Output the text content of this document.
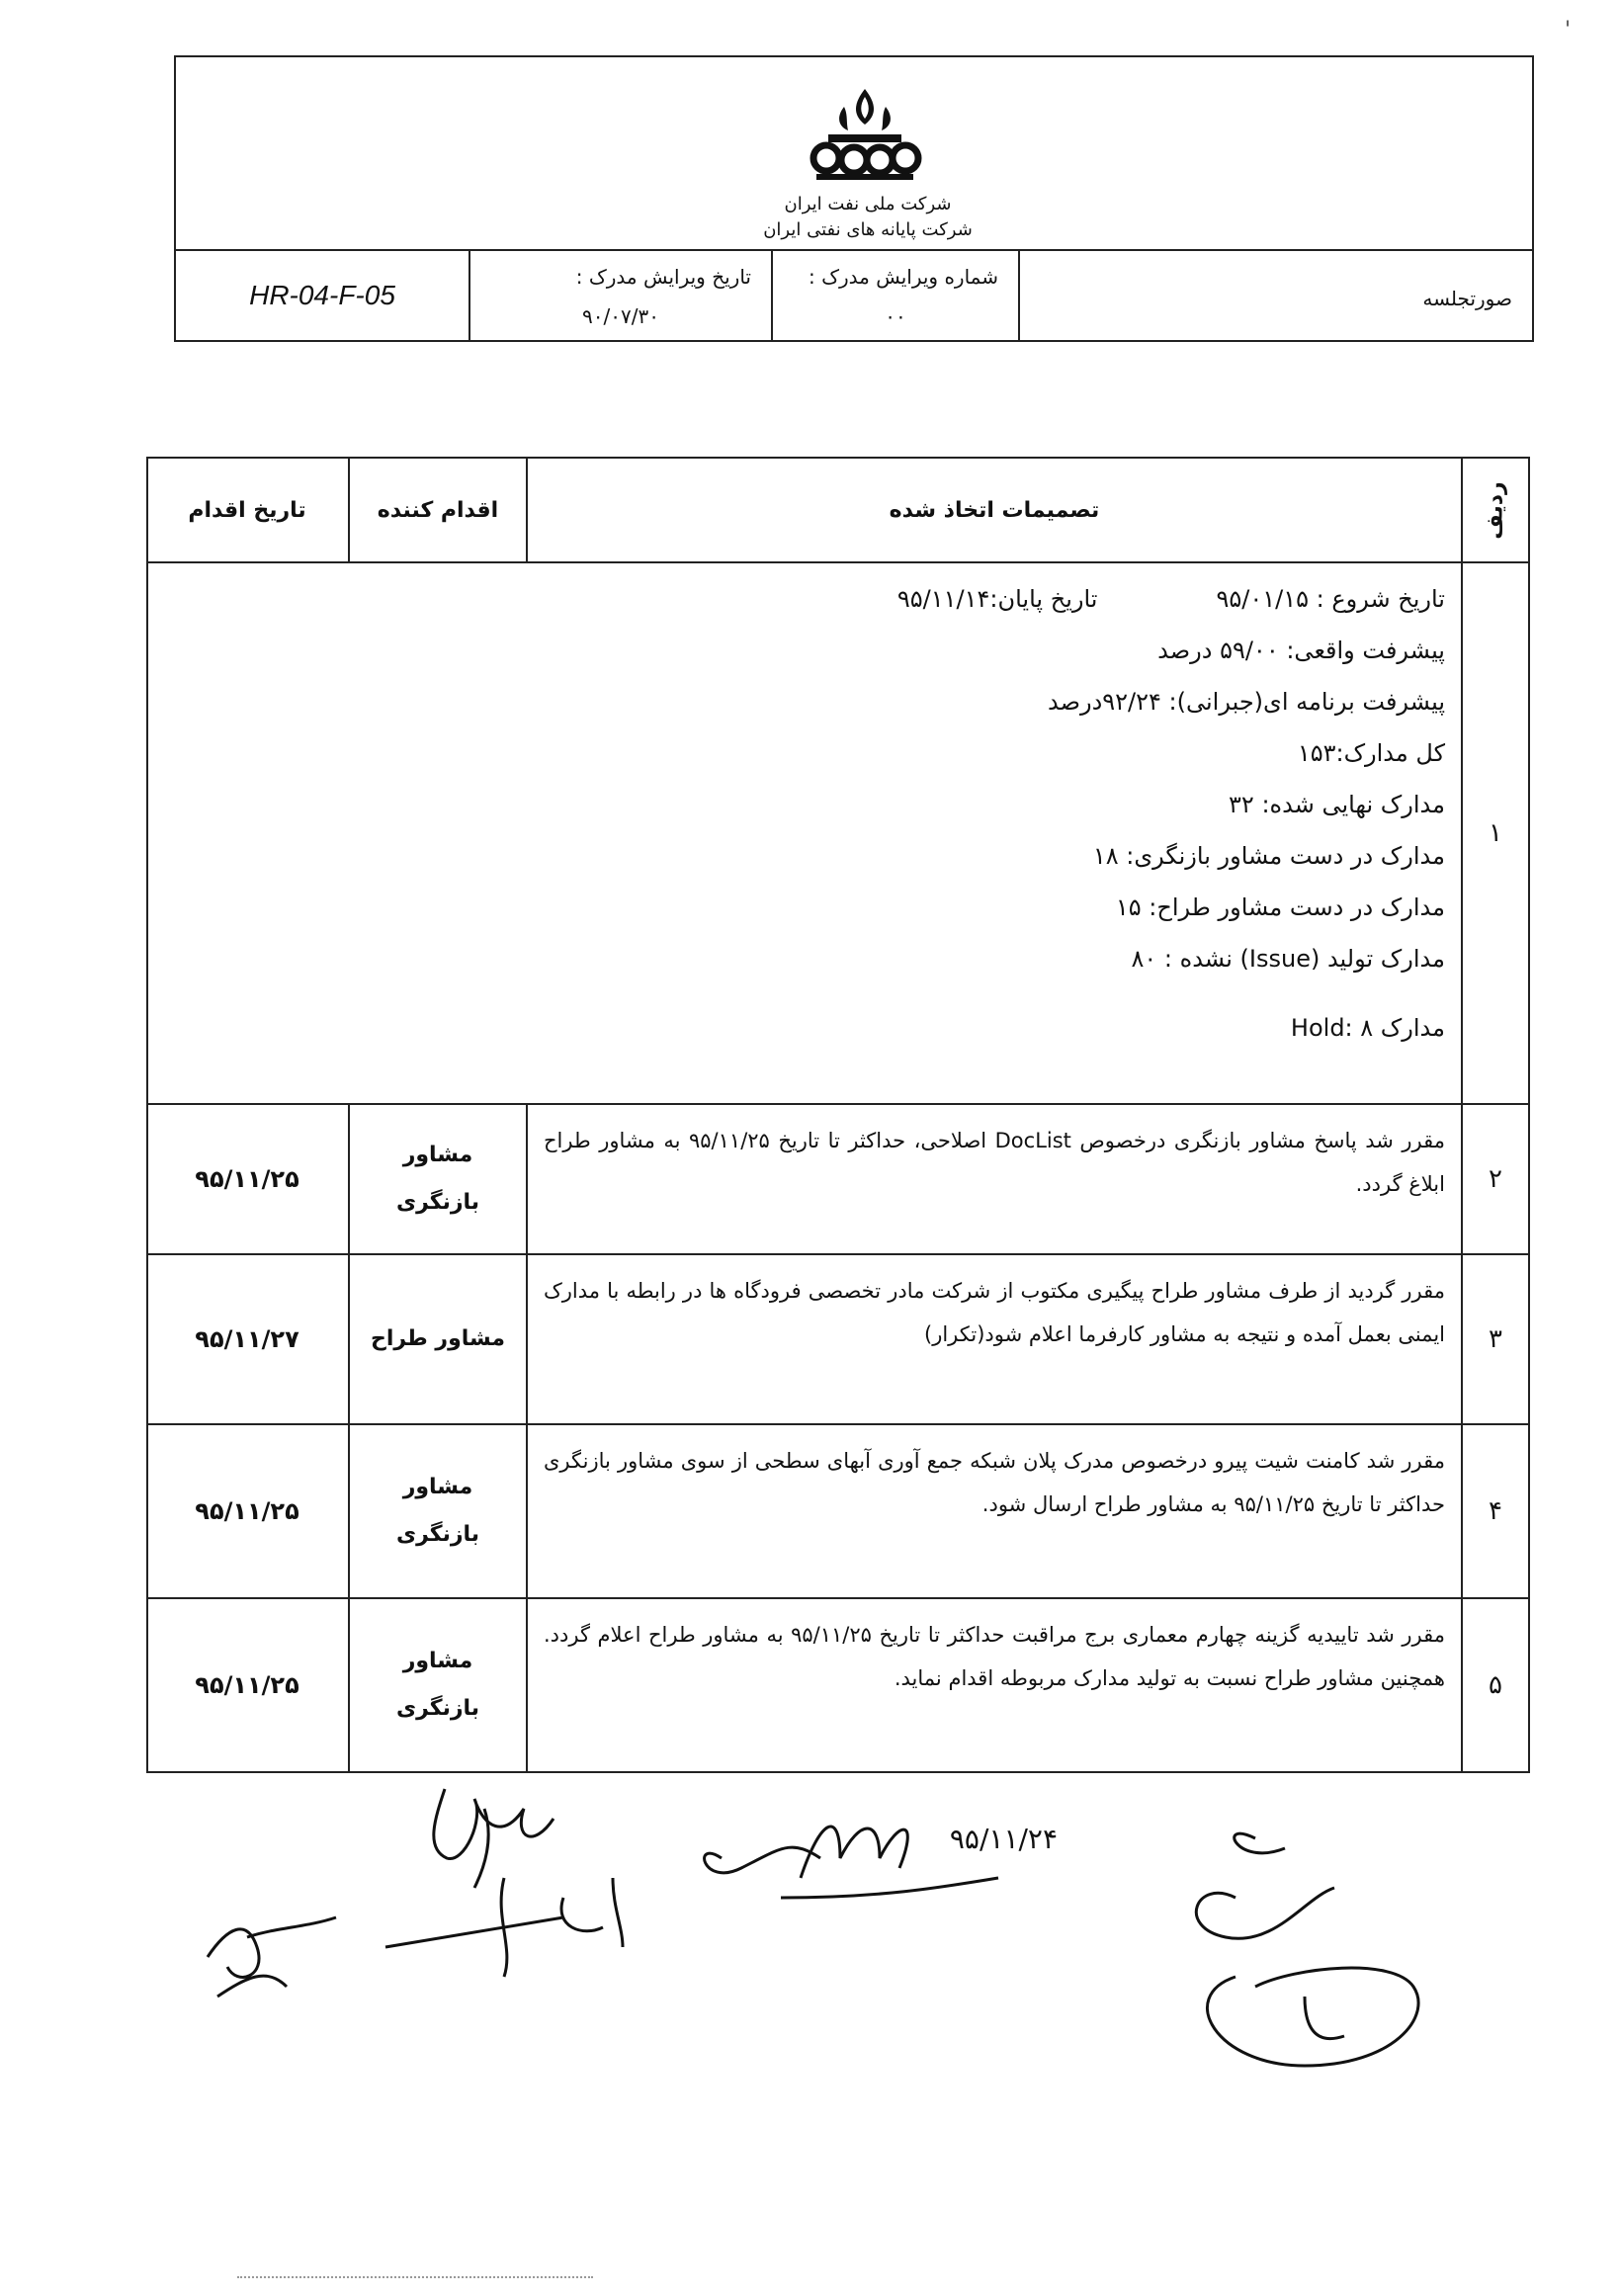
'
شرکت ملی نفت ایران
شرکت پایانه های نفتی ایران
HR-04-F-05
تاریخ ویرایش مدرک :
۹۰/۰۷/۳۰
شماره ویرایش مدرک :
۰۰
صورتجلسه
ردیف
تصمیمات اتخاذ شده
اقدام کننده
تاریخ اقدام
۱
تاریخ شروع : ۹۵/۰۱/۱۵
تاریخ پایان:۹۵/۱۱/۱۴
پیشرفت واقعی: ۵۹/۰۰ درصد
پیشرفت برنامه ای(جبرانی): ۹۲/۲۴درصد
کل مدارک:۱۵۳
مدارک نهایی شده: ۳۲
مدارک در دست مشاور بازنگری: ۱۸
مدارک در دست مشاور طراح: ۱۵
مدارک تولید (Issue) نشده : ۸۰
مدارک Hold: ۸
۲
مقرر شد پاسخ مشاور بازنگری درخصوص DocList اصلاحی، حداکثر تا تاریخ ۹۵/۱۱/۲۵ به مشاور طراح ابلاغ گردد.
مشاور بازنگری
۹۵/۱۱/۲۵
۳
مقرر گردید از طرف مشاور طراح پیگیری مکتوب از شرکت مادر تخصصی فرودگاه ها در رابطه با مدارک ایمنی بعمل آمده و نتیجه به مشاور کارفرما اعلام شود(تکرار)
مشاور طراح
۹۵/۱۱/۲۷
۴
مقرر شد کامنت شیت پیرو درخصوص مدرک پلان شبکه جمع آوری آبهای سطحی از سوی مشاور بازنگری حداکثر تا تاریخ ۹۵/۱۱/۲۵ به مشاور طراح ارسال شود.
مشاور بازنگری
۹۵/۱۱/۲۵
۵
مقرر شد تاییدیه گزینه چهارم معماری برج مراقبت حداکثر تا تاریخ ۹۵/۱۱/۲۵ به مشاور طراح اعلام گردد. همچنین مشاور طراح نسبت به تولید مدارک مربوطه اقدام نماید.
مشاور بازنگری
۹۵/۱۱/۲۵
۹۵/۱۱/۲۴
